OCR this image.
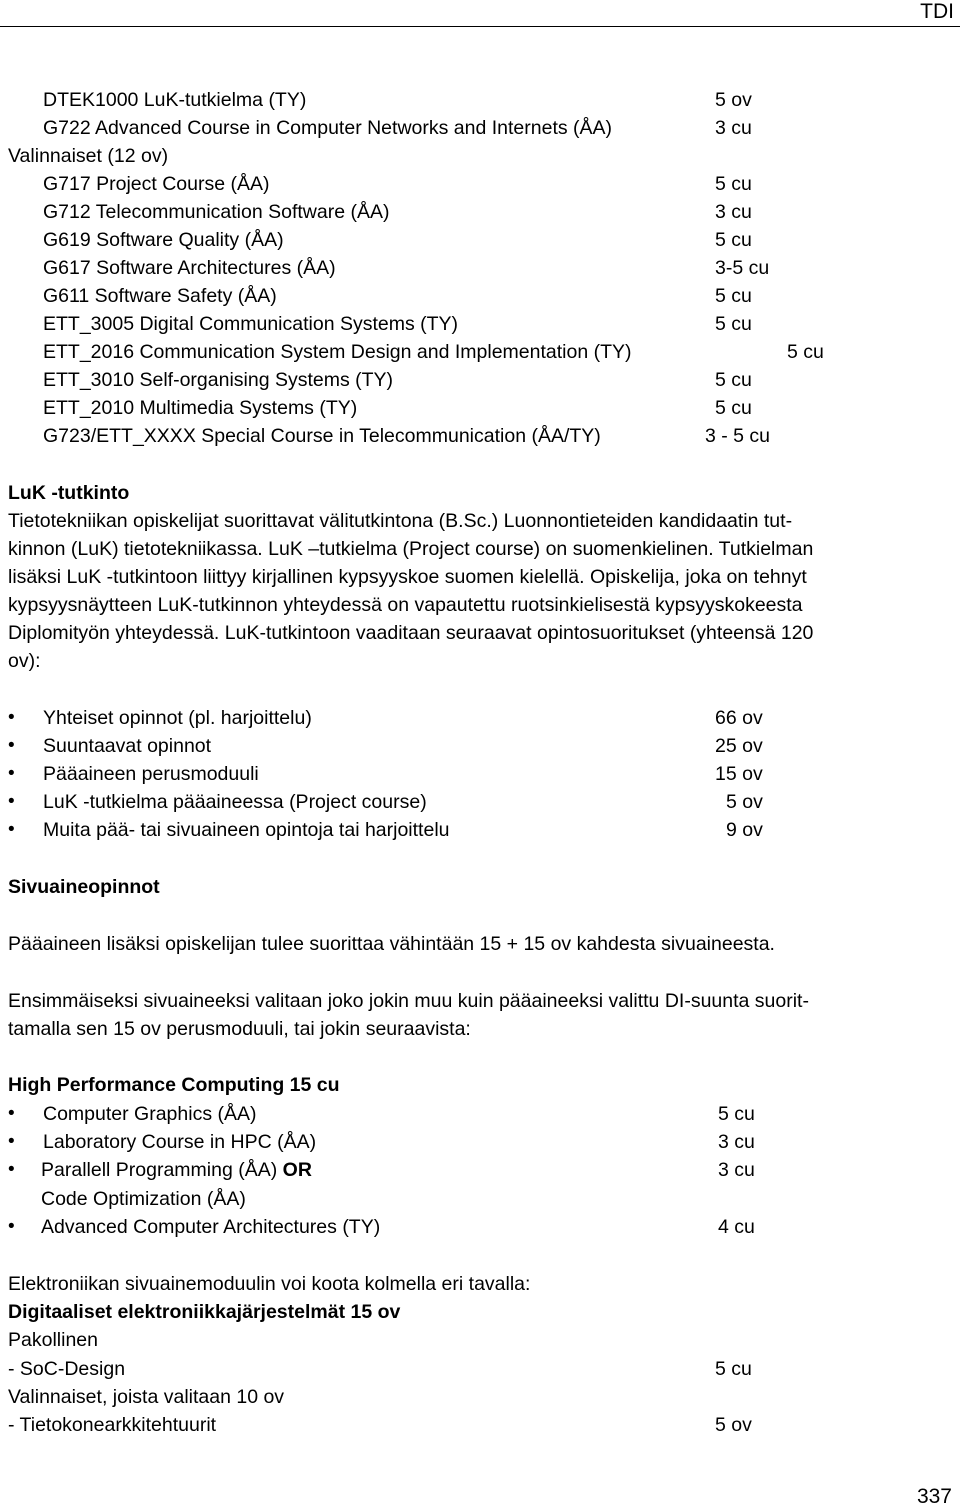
TDI
DTEK1000 LuK-tutkielma (TY)	5 ov
G722 Advanced Course in Computer Networks and Internets (ÅA)	3 cu
Valinnaiset (12 ov)
G717 Project Course (ÅA)	5 cu
G712 Telecommunication Software (ÅA)	3 cu
G619 Software Quality (ÅA)	5 cu
G617 Software Architectures (ÅA)	3-5 cu
G611 Software Safety (ÅA)	5 cu
ETT_3005 Digital Communication Systems (TY)	5 cu
ETT_2016 Communication System Design and Implementation (TY)	5 cu
ETT_3010 Self-organising Systems (TY)	5 cu
ETT_2010 Multimedia Systems (TY)	5 cu
G723/ETT_XXXX Special Course in Telecommunication (ÅA/TY)	3 - 5 cu
LuK -tutkinto
Tietotekniikan opiskelijat suorittavat välitutkintona (B.Sc.) Luonnontieteiden kandidaatin tut-
kinnon (LuK) tietotekniikassa. LuK –tutkielma (Project course) on suomenkielinen. Tutkielman
lisäksi LuK -tutkintoon liittyy kirjallinen kypsyyskoe suomen kielellä. Opiskelija, joka on tehnyt
kypsyysnäytteen LuK-tutkinnon yhteydessä on vapautettu ruotsinkielisestä kypsyyskokeesta
Diplomityön yhteydessä. LuK-tutkintoon vaaditaan seuraavat opintosuoritukset (yhteensä 120
ov):
• Yhteiset opinnot (pl. harjoittelu)	66 ov
• Suuntaavat opinnot	25 ov
• Pääaineen perusmoduuli	15 ov
• LuK -tutkielma pääaineessa (Project course)	5 ov
• Muita pää- tai sivuaineen opintoja tai harjoittelu	9 ov
Sivuaineopinnot
Pääaineen lisäksi opiskelijan tulee suorittaa vähintään 15 + 15 ov kahdesta sivuaineesta.
Ensimmäiseksi sivuaineeksi valitaan joko jokin muu kuin pääaineeksi valittu DI-suunta suorit-
tamalla sen 15 ov perusmoduuli, tai jokin seuraavista:
High Performance Computing 15 cu
• Computer Graphics (ÅA)	5 cu
• Laboratory Course in HPC (ÅA)	3 cu
• Parallell Programming (ÅA) OR	3 cu
Code Optimization (ÅA)
• Advanced Computer Architectures (TY)	4 cu
Elektroniikan sivuainemoduulin voi koota kolmella eri tavalla:
Digitaaliset elektroniikkajärjestelmät 15 ov
Pakollinen
- SoC-Design	5 cu
Valinnaiset, joista valitaan 10 ov
- Tietokonearkkitehtuurit	5 ov
337
